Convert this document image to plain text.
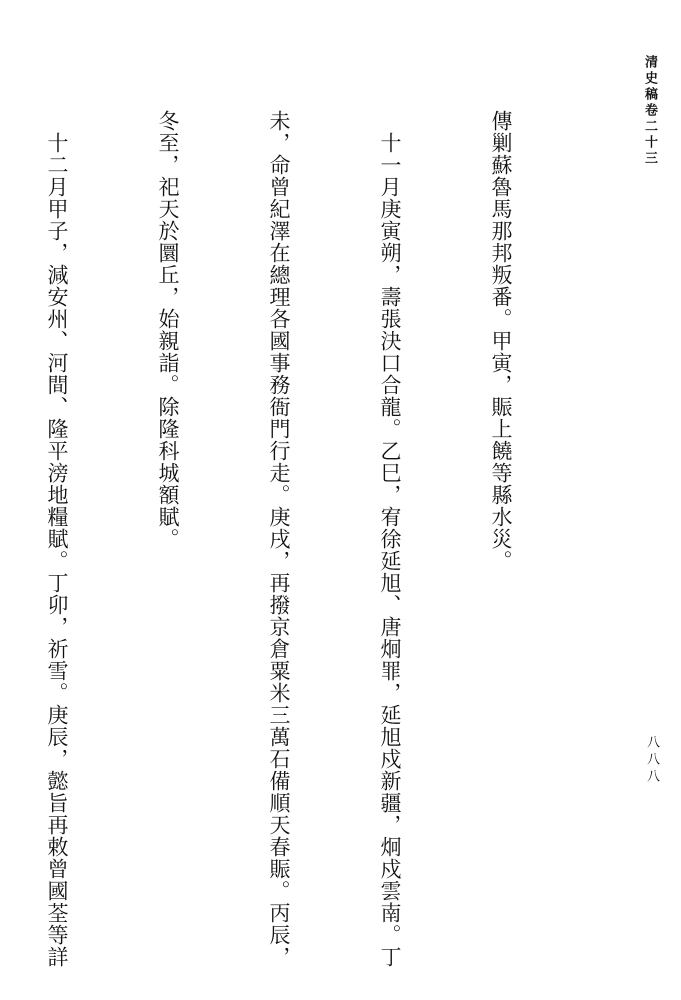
清史稿卷二十三
八八八

傳剿蘇魯馬那邦叛番。甲寅，賑上饒等縣水災。

十一月庚寅朔，壽張決口合龍。乙巳，宥徐延旭、唐炯罪，延旭戍新疆，炯戍雲南。丁

未，命曾紀澤在總理各國事務衙門行走。庚戌，再撥京倉粟米三萬石備順天春賑。丙辰，

冬至，祀天於圜丘，始親詣。除隆科城額賦。

十二月甲子，減安州、河間、隆平滂地糧賦。丁卯，祈雪。庚辰，懿旨再敕曾國荃等詳
